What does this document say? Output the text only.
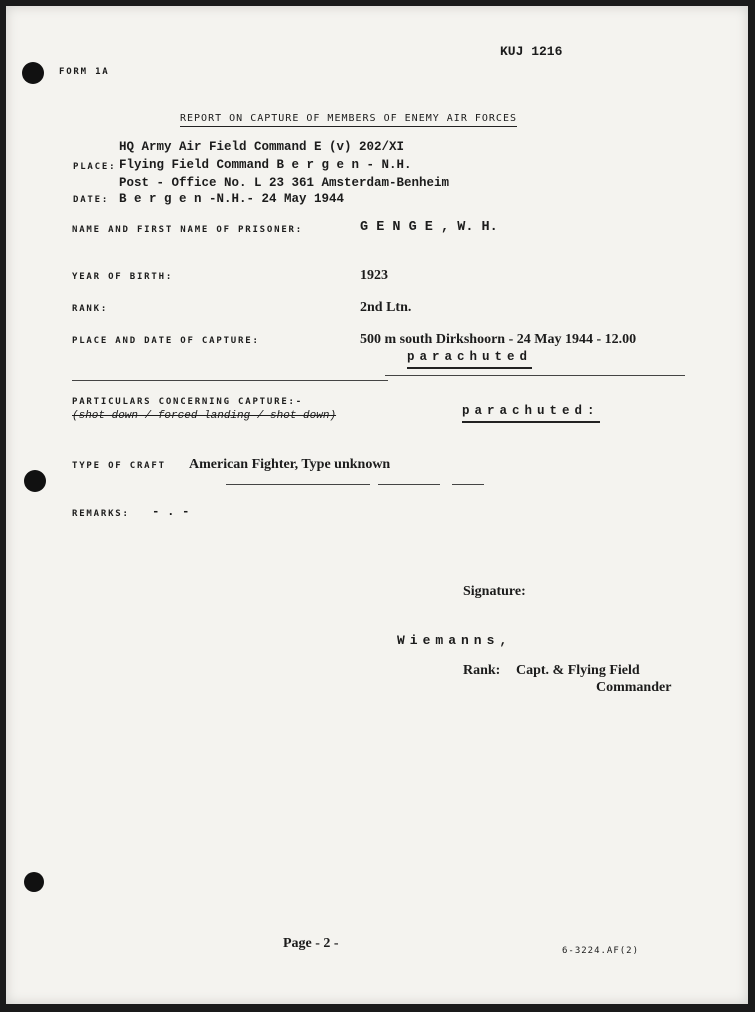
KUJ 1216
FORM 1A
REPORT ON CAPTURE OF MEMBERS OF ENEMY AIR FORCES
HQ Army Air Field Command E (v) 202/XI
PLACE: Flying Field Command B e r g e n - N.H.
Post - Office No. L 23 361 Amsterdam-Benheim
DATE: B e r g e n -N.H.- 24 May 1944
NAME AND FIRST NAME OF PRISONER:	G E N G E , W. H.
YEAR OF BIRTH:	1923
RANK:	2nd Ltn.
PLACE AND DATE OF CAPTURE:	500 m south Dirkshoorn - 24 May 1944 - 12.00
parachuted
PARTICULARS CONCERNING CAPTURE:-
(shot down / forced landing / shot down)	parachuted:
TYPE OF CRAFT American Fighter, Type unknown
REMARKS: - . -
Signature:
Wiemanns,
Rank: Capt. & Flying Field
Commander
Page - 2 -	6-3224.AF(2)
